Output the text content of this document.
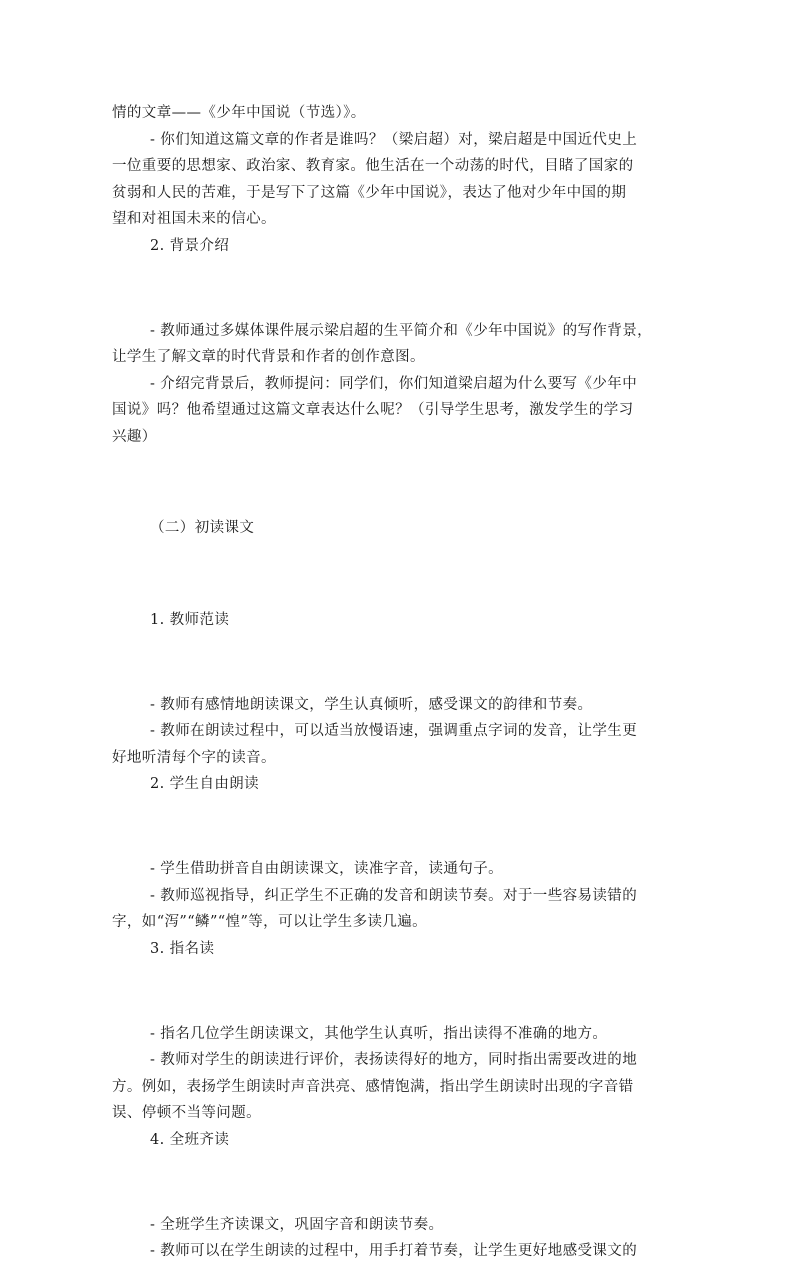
情的文章——《少年中国说（节选）》。

- 你们知道这篇文章的作者是谁吗？（梁启超）对，梁启超是中国近代史上

一位重要的思想家、政治家、教育家。他生活在一个动荡的时代，目睹了国家的

贫弱和人民的苦难，于是写下了这篇《少年中国说》，表达了他对少年中国的期

望和对祖国未来的信心。

2. 背景介绍

- 教师通过多媒体课件展示梁启超的生平简介和《少年中国说》的写作背景，

让学生了解文章的时代背景和作者的创作意图。

- 介绍完背景后，教师提问：同学们，你们知道梁启超为什么要写《少年中

国说》吗？他希望通过这篇文章表达什么呢？（引导学生思考，激发学生的学习

兴趣）

（二）初读课文

1. 教师范读

- 教师有感情地朗读课文，学生认真倾听，感受课文的韵律和节奏。

- 教师在朗读过程中，可以适当放慢语速，强调重点字词的发音，让学生更

好地听清每个字的读音。

2. 学生自由朗读

- 学生借助拼音自由朗读课文，读准字音，读通句子。

- 教师巡视指导，纠正学生不正确的发音和朗读节奏。对于一些容易读错的

字，如“泻”“鳞”“惶”等，可以让学生多读几遍。

3. 指名读

- 指名几位学生朗读课文，其他学生认真听，指出读得不准确的地方。

- 教师对学生的朗读进行评价，表扬读得好的地方，同时指出需要改进的地

方。例如，表扬学生朗读时声音洪亮、感情饱满，指出学生朗读时出现的字音错

误、停顿不当等问题。

4. 全班齐读

- 全班学生齐读课文，巩固字音和朗读节奏。

- 教师可以在学生朗读的过程中，用手打着节奏，让学生更好地感受课文的
